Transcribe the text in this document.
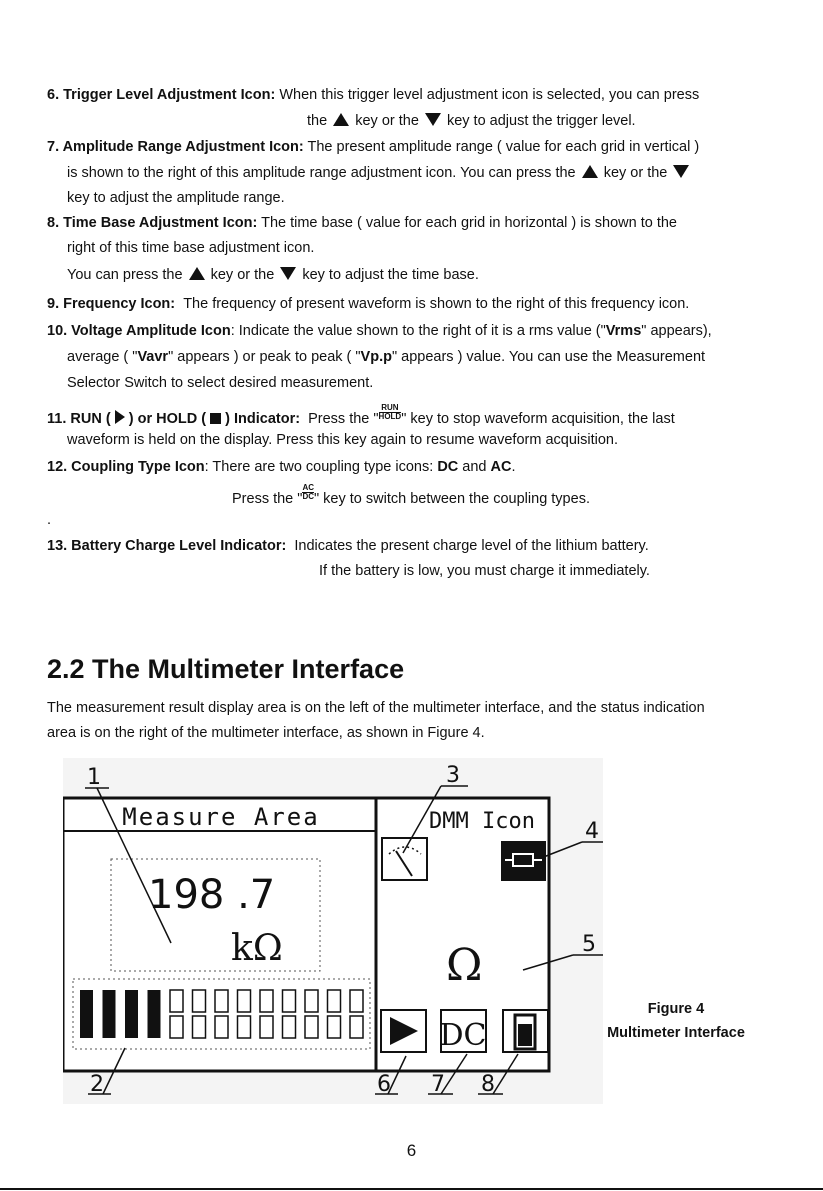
6. Trigger Level Adjustment Icon: When this trigger level adjustment icon is selected, you can press
the key or the key to adjust the trigger level.
7. Amplitude Range Adjustment Icon: The present amplitude range ( value for each grid in vertical )
is shown to the right of this amplitude range adjustment icon. You can press the key or the
key to adjust the amplitude range.
8. Time Base Adjustment Icon: The time base ( value for each grid in horizontal ) is shown to the
right of this time base adjustment icon.
You can press the key or the key to adjust the time base.
9. Frequency Icon: The frequency of present waveform is shown to the right of this frequency icon.
10. Voltage Amplitude Icon: Indicate the value shown to the right of it is a rms value ("Vrms" appears),
average ( "Vavr" appears ) or peak to peak ( "Vp.p" appears ) value. You can use the Measurement
Selector Switch to select desired measurement.
11. RUN ( ) or HOLD ( ) Indicator: Press the " $\frac{\text{RUN}}{\text{HOLD}}$ " key to stop waveform acquisition, the last
waveform is held on the display. Press this key again to resume waveform acquisition.
12. Coupling Type Icon: There are two coupling type icons: DC and AC.
Press the " $\frac{AC}{DC}$ " key to switch between the coupling types.
.
13. Battery Charge Level Indicator: Indicates the present charge level of the lithium battery.
If the battery is low, you must charge it immediately.
2.2 The Multimeter Interface
The measurement result display area is on the left of the multimeter interface, and the status indication
area is on the right of the multimeter interface, as shown in Figure 4.
Measure Area
198 .7
kΩ
DMM Icon
Ω
DC
1
2
3
4
5
6 7 8
Figure 4
Multimeter Interface
6
